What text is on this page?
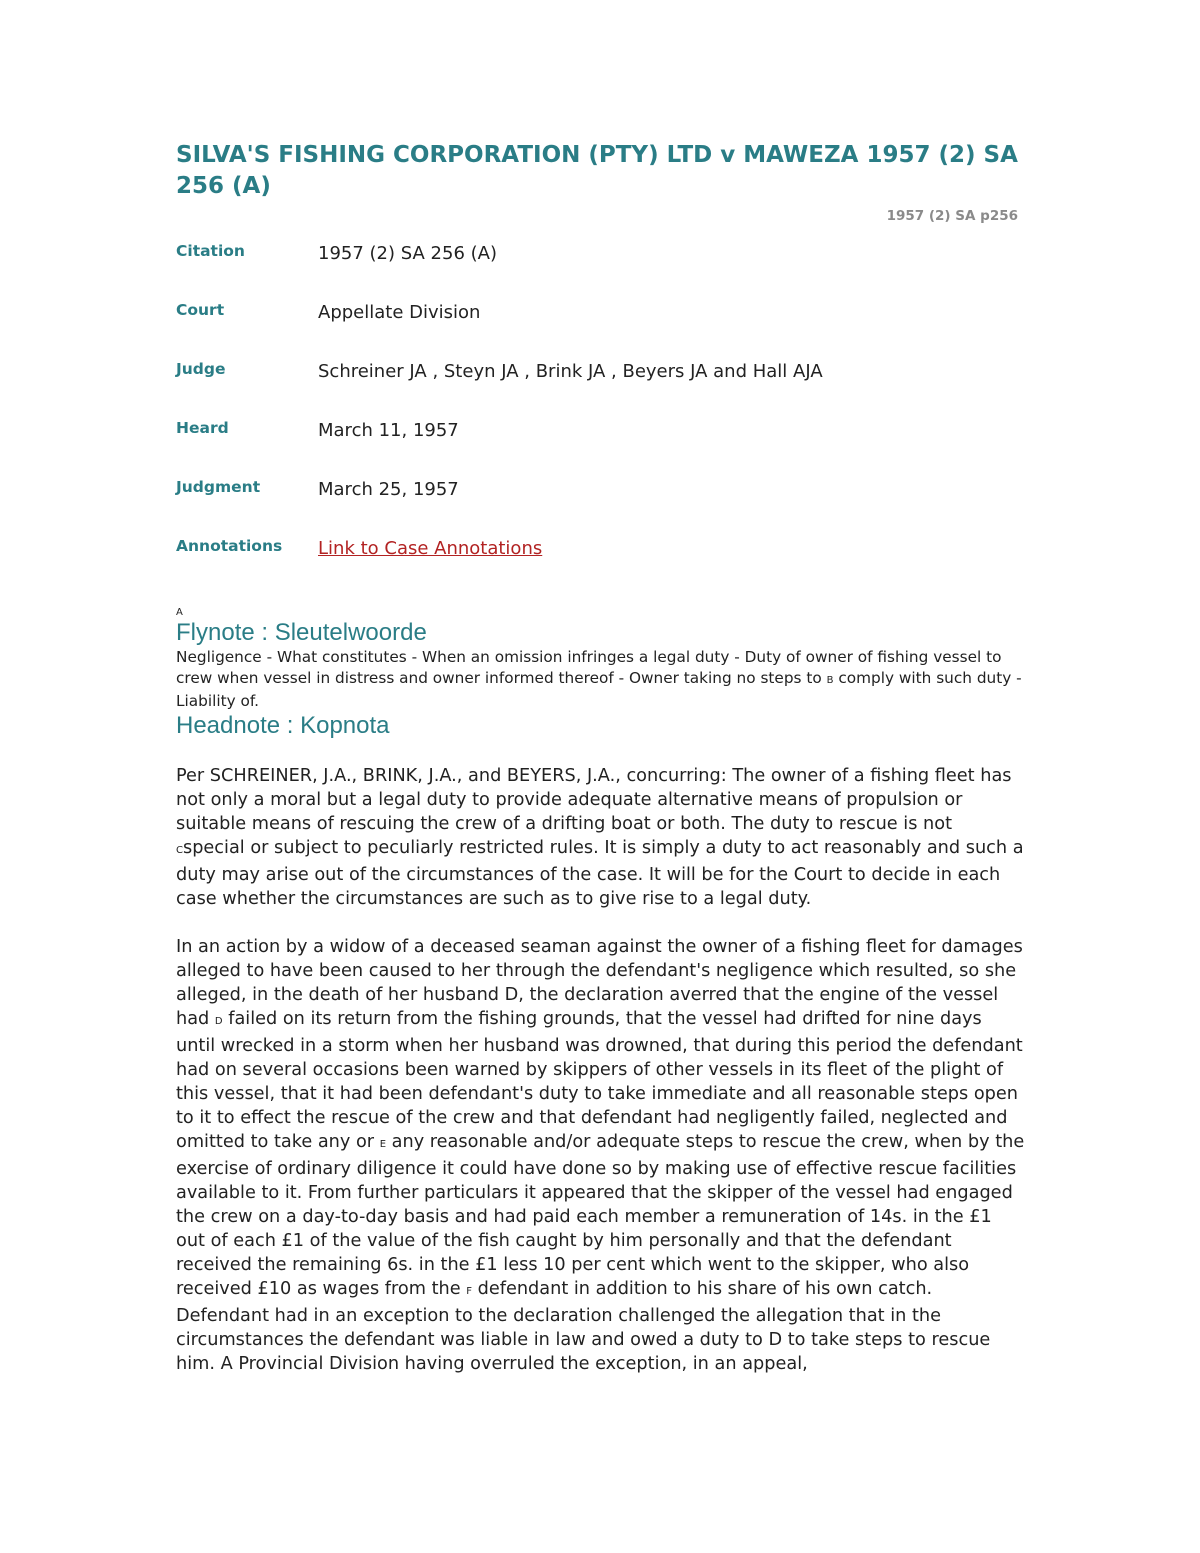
SILVA'S FISHING CORPORATION (PTY) LTD v MAWEZA 1957 (2) SA 256 (A)
1957 (2) SA p256
Citation	1957 (2) SA 256 (A)
Court	Appellate Division
Judge	Schreiner JA , Steyn JA , Brink JA , Beyers JA and Hall AJA
Heard	March 11, 1957
Judgment	March 25, 1957
Annotations	Link to Case Annotations
A
Flynote : Sleutelwoorde

Negligence - What constitutes - When an omission infringes a legal duty - Duty of owner of fishing vessel to crew when vessel in distress and owner informed thereof - Owner taking no steps to B comply with such duty - Liability of.

Headnote : Kopnota

Per SCHREINER, J.A., BRINK, J.A., and BEYERS, J.A., concurring: The owner of a fishing fleet has not only a moral but a legal duty to provide adequate alternative means of propulsion or suitable means of rescuing the crew of a drifting boat or both. The duty to rescue is not Cspecial or subject to peculiarly restricted rules. It is simply a duty to act reasonably and such a duty may arise out of the circumstances of the case. It will be for the Court to decide in each case whether the circumstances are such as to give rise to a legal duty.

In an action by a widow of a deceased seaman against the owner of a fishing fleet for damages alleged to have been caused to her through the defendant's negligence which resulted, so she alleged, in the death of her husband D, the declaration averred that the engine of the vessel had D failed on its return from the fishing grounds, that the vessel had drifted for nine days until wrecked in a storm when her husband was drowned, that during this period the defendant had on several occasions been warned by skippers of other vessels in its fleet of the plight of this vessel, that it had been defendant's duty to take immediate and all reasonable steps open to it to effect the rescue of the crew and that defendant had negligently failed, neglected and omitted to take any or E any reasonable and/or adequate steps to rescue the crew, when by the exercise of ordinary diligence it could have done so by making use of effective rescue facilities available to it. From further particulars it appeared that the skipper of the vessel had engaged the crew on a day-to-day basis and had paid each member a remuneration of 14s. in the £1 out of each £1 of the value of the fish caught by him personally and that the defendant received the remaining 6s. in the £1 less 10 per cent which went to the skipper, who also received £10 as wages from the F defendant in addition to his share of his own catch. Defendant had in an exception to the declaration challenged the allegation that in the circumstances the defendant was liable in law and owed a duty to D to take steps to rescue him. A Provincial Division having overruled the exception, in an appeal,
